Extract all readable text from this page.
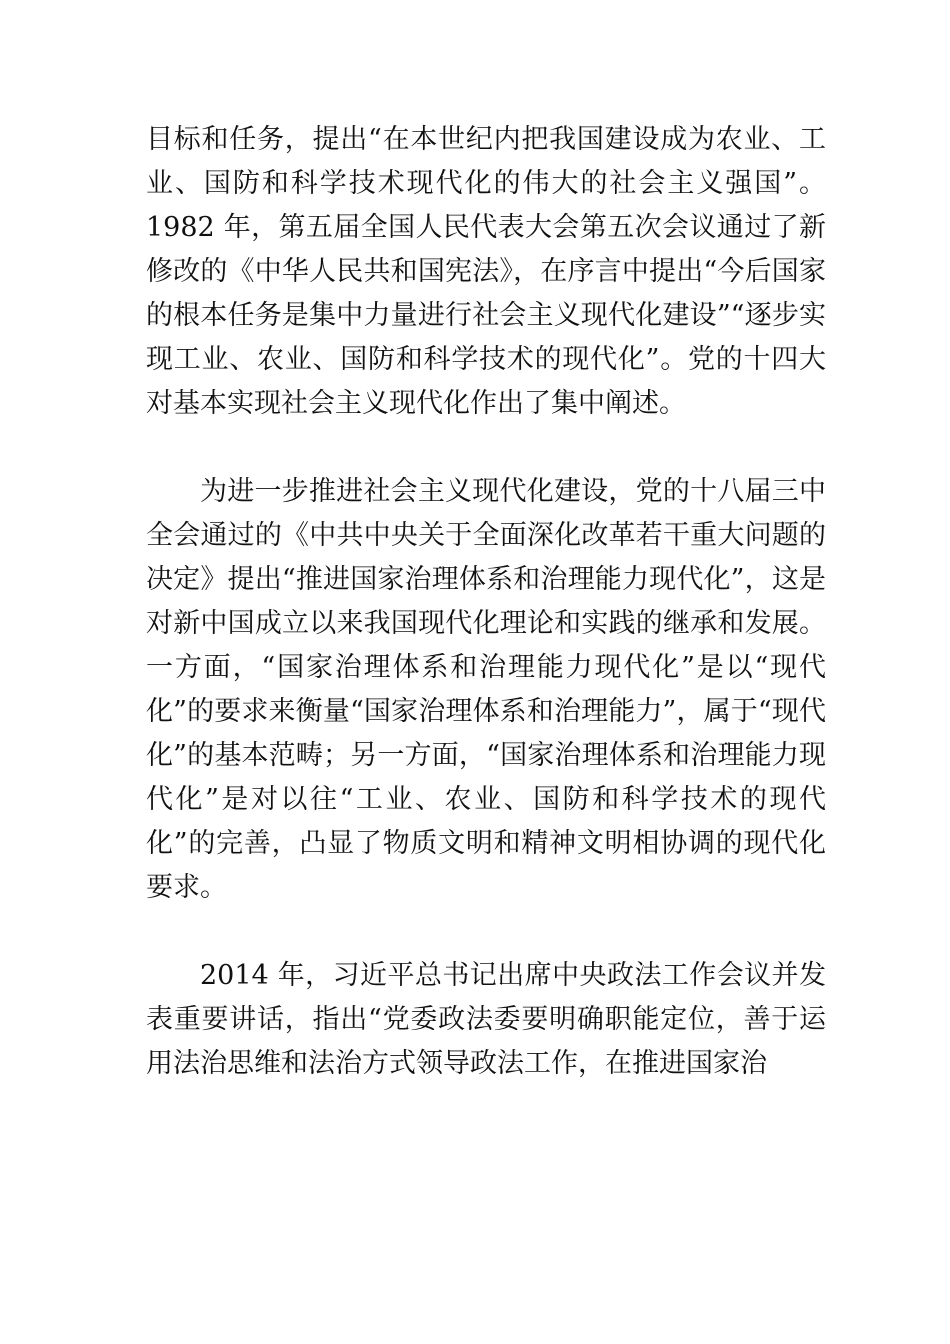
目标和任务，提出“在本世纪内把我国建设成为农业、工业、国防和科学技术现代化的伟大的社会主义强国”。1982 年，第五届全国人民代表大会第五次会议通过了新修改的《中华人民共和国宪法》，在序言中提出“今后国家的根本任务是集中力量进行社会主义现代化建设”“逐步实现工业、农业、国防和科学技术的现代化”。党的十四大对基本实现社会主义现代化作出了集中阐述。

为进一步推进社会主义现代化建设，党的十八届三中全会通过的《中共中央关于全面深化改革若干重大问题的决定》提出“推进国家治理体系和治理能力现代化”，这是对新中国成立以来我国现代化理论和实践的继承和发展。一方面，“国家治理体系和治理能力现代化”是以“现代化”的要求来衡量“国家治理体系和治理能力”，属于“现代化”的基本范畴；另一方面，“国家治理体系和治理能力现代化”是对以往“工业、农业、国防和科学技术的现代化”的完善，凸显了物质文明和精神文明相协调的现代化要求。

2014 年，习近平总书记出席中央政法工作会议并发表重要讲话，指出“党委政法委要明确职能定位，善于运用法治思维和法治方式领导政法工作，在推进国家治
